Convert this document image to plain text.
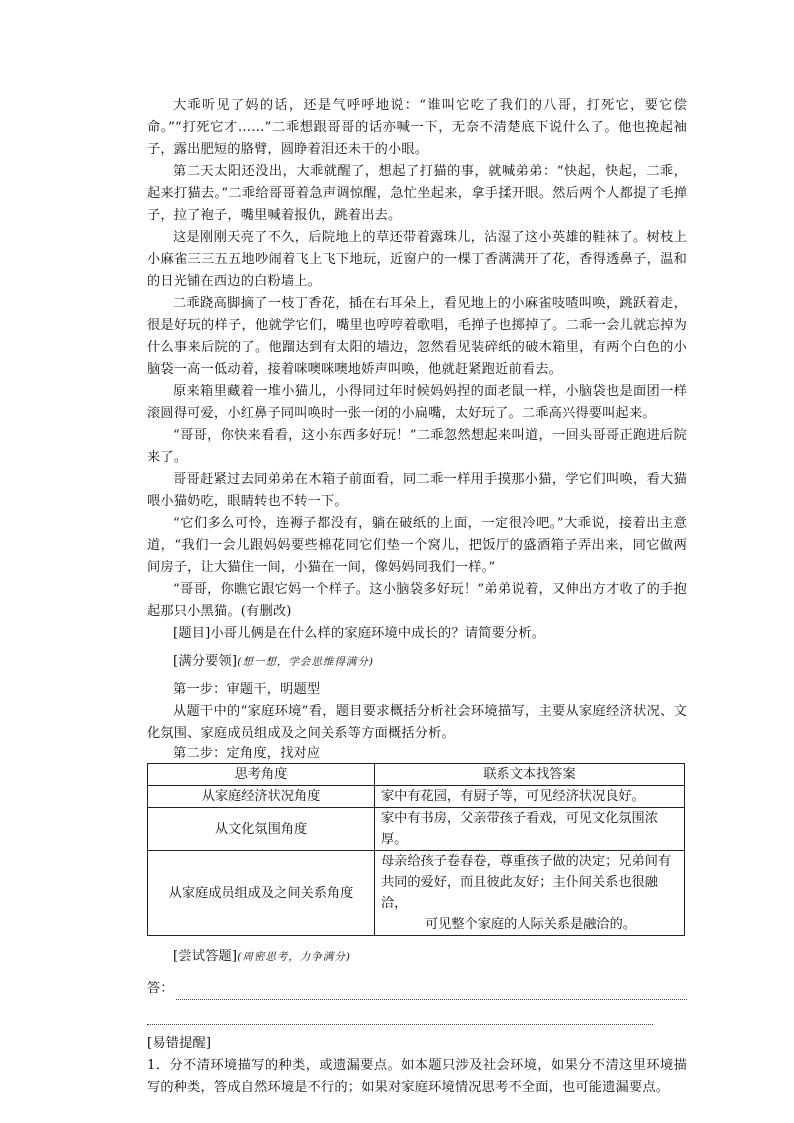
大乖听见了妈的话，还是气呼呼地说：“谁叫它吃了我们的八哥，打死它，要它偿命。”“打死它才……”二乖想跟哥哥的话亦喊一下，无奈不清楚底下说什么了。他也挽起袖子，露出肥短的胳臂，圆睁着泪还未干的小眼。

第二天太阳还没出，大乖就醒了，想起了打猫的事，就喊弟弟：“快起，快起，二乖，起来打猫去。”二乖给哥哥着急声调惊醒，急忙坐起来，拿手揉开眼。然后两个人都提了毛掸子，拉了袍子，嘴里喊着报仇，跳着出去。

这是刚刚天亮了不久，后院地上的草还带着露珠儿，沾湿了这小英雄的鞋袜了。树枝上小麻雀三三五五地吵闹着飞上飞下地玩，近窗户的一棵丁香满满开了花，香得透鼻子，温和的日光铺在西边的白粉墙上。

二乖跷高脚摘了一枝丁香花，插在右耳朵上，看见地上的小麻雀吱喳叫唤，跳跃着走，很是好玩的样子，他就学它们，嘴里也哼哼着歌唱，毛掸子也掷掉了。二乖一会儿就忘掉为什么事来后院的了。他蹓达到有太阳的墙边，忽然看见装碎纸的破木箱里，有两个白色的小脑袋一高一低动着，接着咪噢咪噢地娇声叫唤，他就赶紧跑近前看去。

原来箱里藏着一堆小猫儿，小得同过年时候妈妈捏的面老鼠一样，小脑袋也是面团一样滚圆得可爱，小红鼻子同叫唤时一张一闭的小扁嘴，太好玩了。二乖高兴得要叫起来。

“哥哥，你快来看看，这小东西多好玩！”二乖忽然想起来叫道，一回头哥哥正跑进后院来了。

哥哥赶紧过去同弟弟在木箱子前面看，同二乖一样用手摸那小猫，学它们叫唤，看大猫喂小猫奶吃，眼睛转也不转一下。

“它们多么可怜，连褥子都没有，躺在破纸的上面，一定很冷吧。”大乖说，接着出主意道，“我们一会儿跟妈妈要些棉花同它们垫一个窝儿，把饭厅的盛酒箱子弄出来，同它做两间房子，让大猫住一间，小猫在一间，像妈妈同我们一样。”

“哥哥，你瞧它跟它妈一个样子。这小脑袋多好玩！”弟弟说着，又伸出方才收了的手抱起那只小黑猫。(有删改)

[题目]小哥儿俩是在什么样的家庭环境中成长的？请简要分析。

[满分要领](想一想，学会思维得满分)

第一步：审题干，明题型

从题干中的“家庭环境”看，题目要求概括分析社会环境描写，主要从家庭经济状况、文化氛围、家庭成员组成及之间关系等方面概括分析。

第二步：定角度，找对应

思考角度	联系文本找答案
从家庭经济状况角度	家中有花园，有厨子等，可见经济状况良好。
从文化氛围角度	家中有书房，父亲带孩子看戏，可见文化氛围浓厚。
从家庭成员组成及之间关系角度	母亲给孩子卷春卷，尊重孩子做的决定；兄弟间有共同的爱好，而且彼此友好；主仆间关系也很融洽，
可见整个家庭的人际关系是融洽的。

[尝试答题](周密思考，力争满分)

答：

[易错提醒]

1．分不清环境描写的种类，或遗漏要点。如本题只涉及社会环境，如果分不清这里环境描写的种类，答成自然环境是不行的；如果对家庭环境情况思考不全面，也可能遗漏要点。
